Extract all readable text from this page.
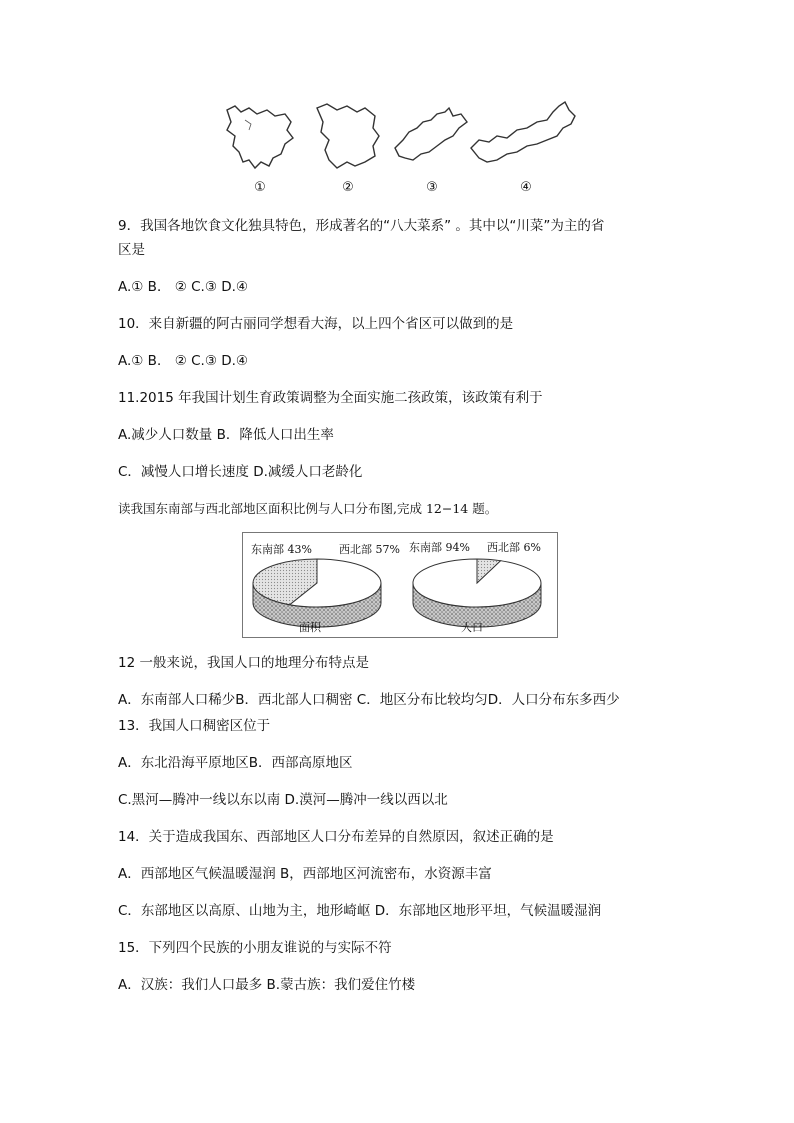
①	②	③	④
9．我国各地饮食文化独具特色，形成著名的“八大菜系” 。其中以“川菜”为主的省
区是
A.① B． ② C.③ D.④
10．来自新疆的阿古丽同学想看大海，以上四个省区可以做到的是
A.① B． ② C.③ D.④
11.2015 年我国计划生育政策调整为全面实施二孩政策，该政策有利于
A.减少人口数量 B．降低人口出生率
C．减慢人口增长速度 D.减缓人口老龄化
读我国东南部与西北部地区面积比例与人口分布图,完成 12−14 题。
东南部 43% 西北部 57% 东南部 94% 西北部 6%
面积	人口
12 一般来说，我国人口的地理分布特点是
A．东南部人口稀少B．西北部人口稠密 C．地区分布比较均匀D．人口分布东多西少
13．我国人口稠密区位于
A．东北沿海平原地区B．西部高原地区
C.黑河—腾冲一线以东以南 D.漠河—腾冲一线以西以北
14．关于造成我国东、西部地区人口分布差异的自然原因，叙述正确的是
A．西部地区气候温暖湿润 B，西部地区河流密布，水资源丰富
C．东部地区以高原、山地为主，地形崎岖 D．东部地区地形平坦，气候温暖湿润
15．下列四个民族的小朋友谁说的与实际不符
A．汉族：我们人口最多 B.蒙古族：我们爱住竹楼
